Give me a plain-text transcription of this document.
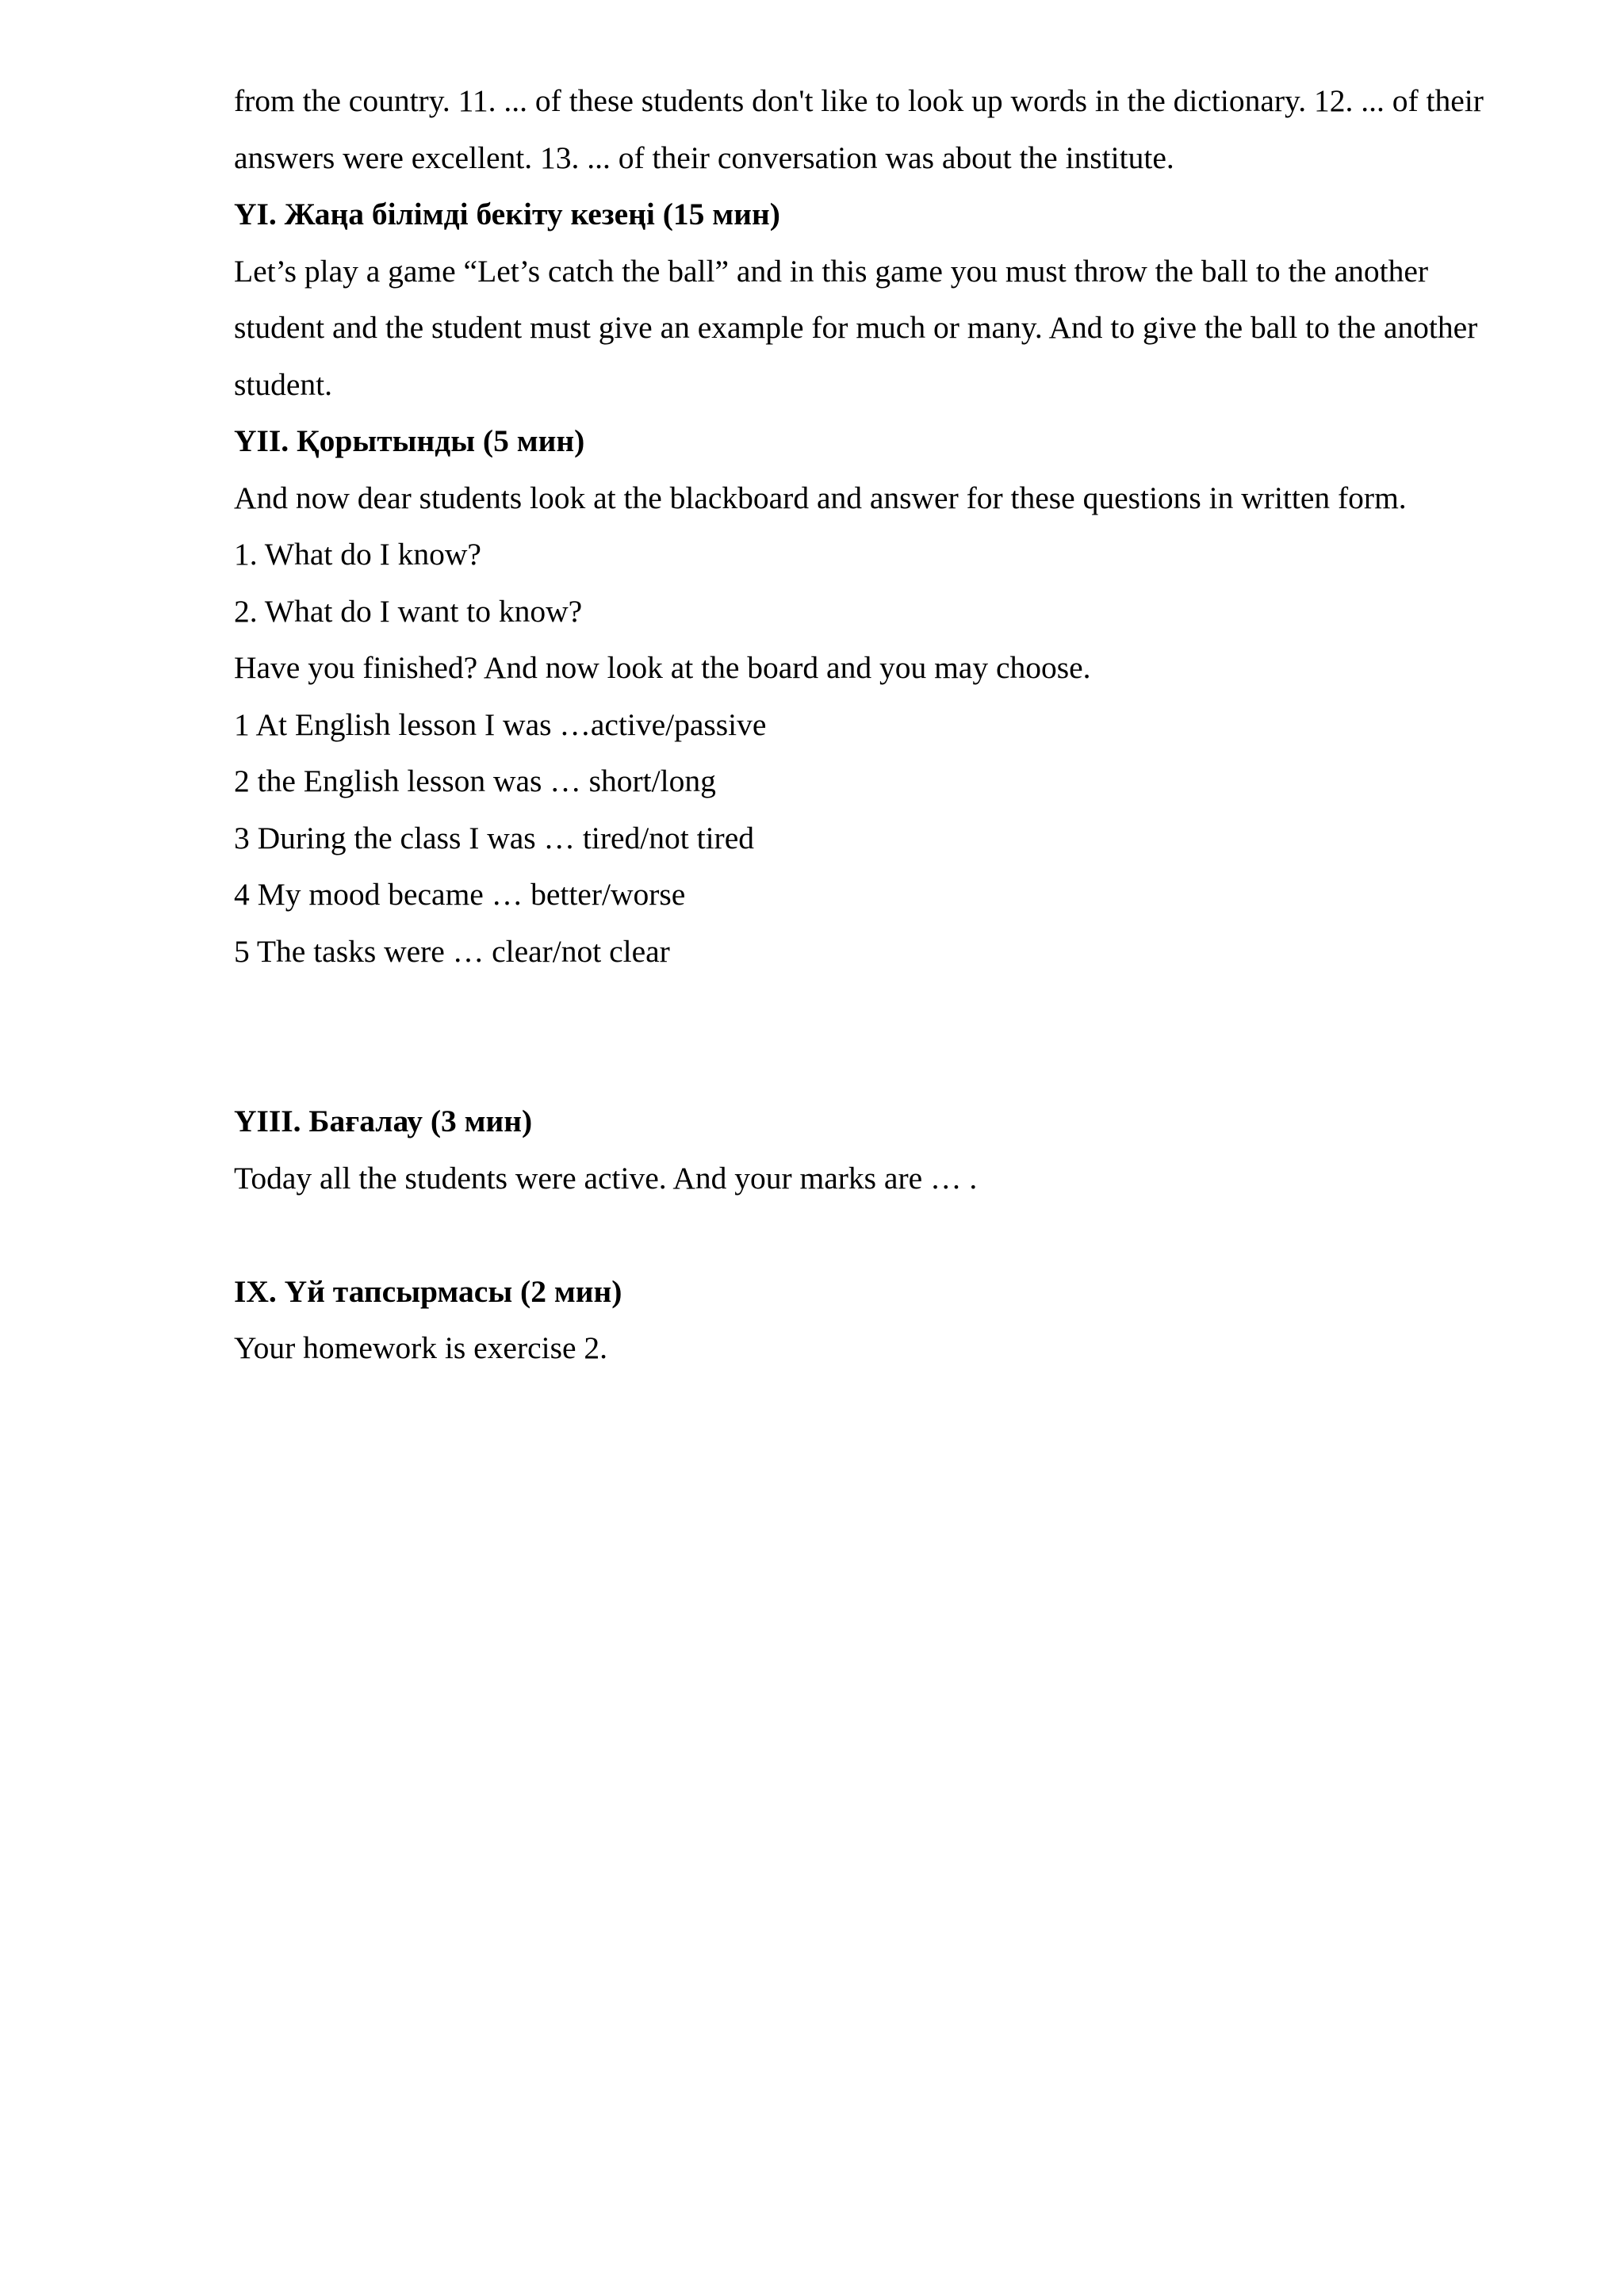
from the country. 11. ... of these students don't like to look up words in the dictionary. 12. ... of their

answers were excellent. 13. ... of their conversation was about the institute.

YI. Жаңа білімді бекіту кезеңі (15 мин)

Let’s play a game “Let’s catch the ball” and in this game you must throw the ball to the another

student and the student must give an example for much or many. And to give the ball to the another

student.

YII. Қорытынды (5 мин)

And now dear students look at the blackboard and answer for these questions in written form.

1. What do I know?

2. What do I want to know?

Have you finished? And now look at the board and you may choose.

1 At English lesson I was …active/passive

2 the English lesson was … short/long

3 During the class I was … tired/not tired

4 My mood became … better/worse

5 The tasks were … clear/not clear

YIII. Бағалау (3 мин)

Today all the students were active. And your marks are … .

IX. Үй тапсырмасы (2 мин)

Your homework is exercise 2.
